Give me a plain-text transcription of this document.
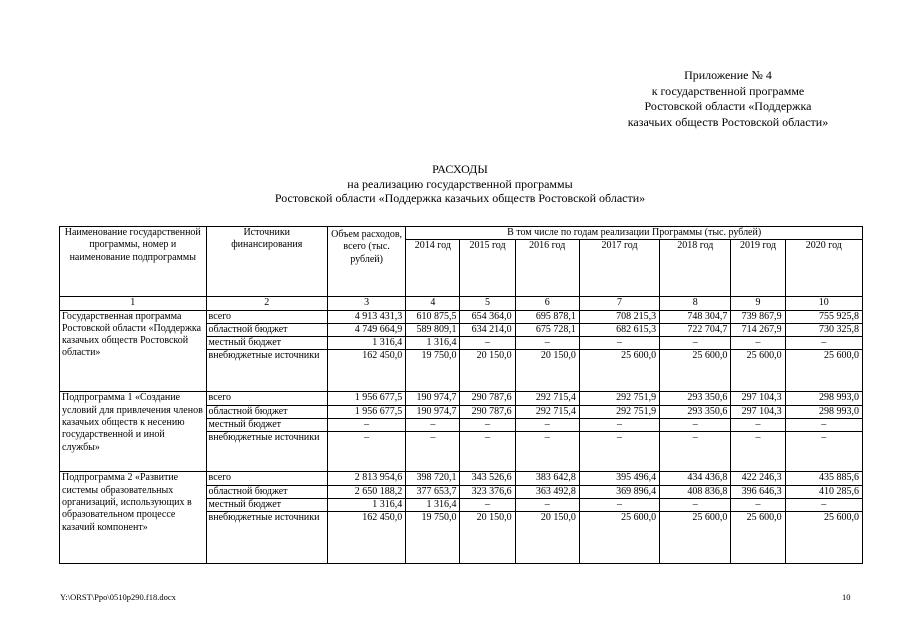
Приложение № 4
к государственной программе
Ростовской области «Поддержка
казачьих обществ Ростовской области»
РАСХОДЫ
на реализацию государственной программы
Ростовской области «Поддержка казачьих обществ Ростовской области»
Наименование государственной программы, номер и наименование подпрограммы	Источники финансирования	Объем расходов, всего (тыс. рублей)	В том числе по годам реализации Программы (тыс. рублей)						
			2014 год	2015 год	2016 год	2017 год	2018 год	2019 год	2020 год
1	2	3	4	5	6	7	8	9	10
Государственная программа Ростовской области «Поддержка казачьих обществ Ростовской области»	всего	4 913 431,3	610 875,5	654 364,0	695 878,1	708 215,3	748 304,7	739 867,9	755 925,8
	областной бюджет	4 749 664,9	589 809,1	634 214,0	675 728,1	682 615,3	722 704,7	714 267,9	730 325,8
	местный бюджет	1 316,4	1 316,4	–	–	–	–	–	–
	внебюджетные источники	162 450,0	19 750,0	20 150,0	20 150,0	25 600,0	25 600,0	25 600,0	25 600,0
Подпрограмма 1 «Создание условий для привлечения членов казачьих обществ к несению государственной и иной службы»	всего	1 956 677,5	190 974,7	290 787,6	292 715,4	292 751,9	293 350,6	297 104,3	298 993,0
	областной бюджет	1 956 677,5	190 974,7	290 787,6	292 715,4	292 751,9	293 350,6	297 104,3	298 993,0
	местный бюджет	–	–	–	–	–	–	–	–
	внебюджетные источники	–	–	–	–	–	–	–	–
Подпрограмма 2 «Развитие системы образовательных организаций, использующих в образовательном процессе казачий компонент»	всего	2 813 954,6	398 720,1	343 526,6	383 642,8	395 496,4	434 436,8	422 246,3	435 885,6
	областной бюджет	2 650 188,2	377 653,7	323 376,6	363 492,8	369 896,4	408 836,8	396 646,3	410 285,6
	местный бюджет	1 316,4	1 316,4	–	–	–	–	–	–
	внебюджетные источники	162 450,0	19 750,0	20 150,0	20 150,0	25 600,0	25 600,0	25 600,0	25 600,0
Y:\ORST\Ppo\0510p290.f18.docx	10
